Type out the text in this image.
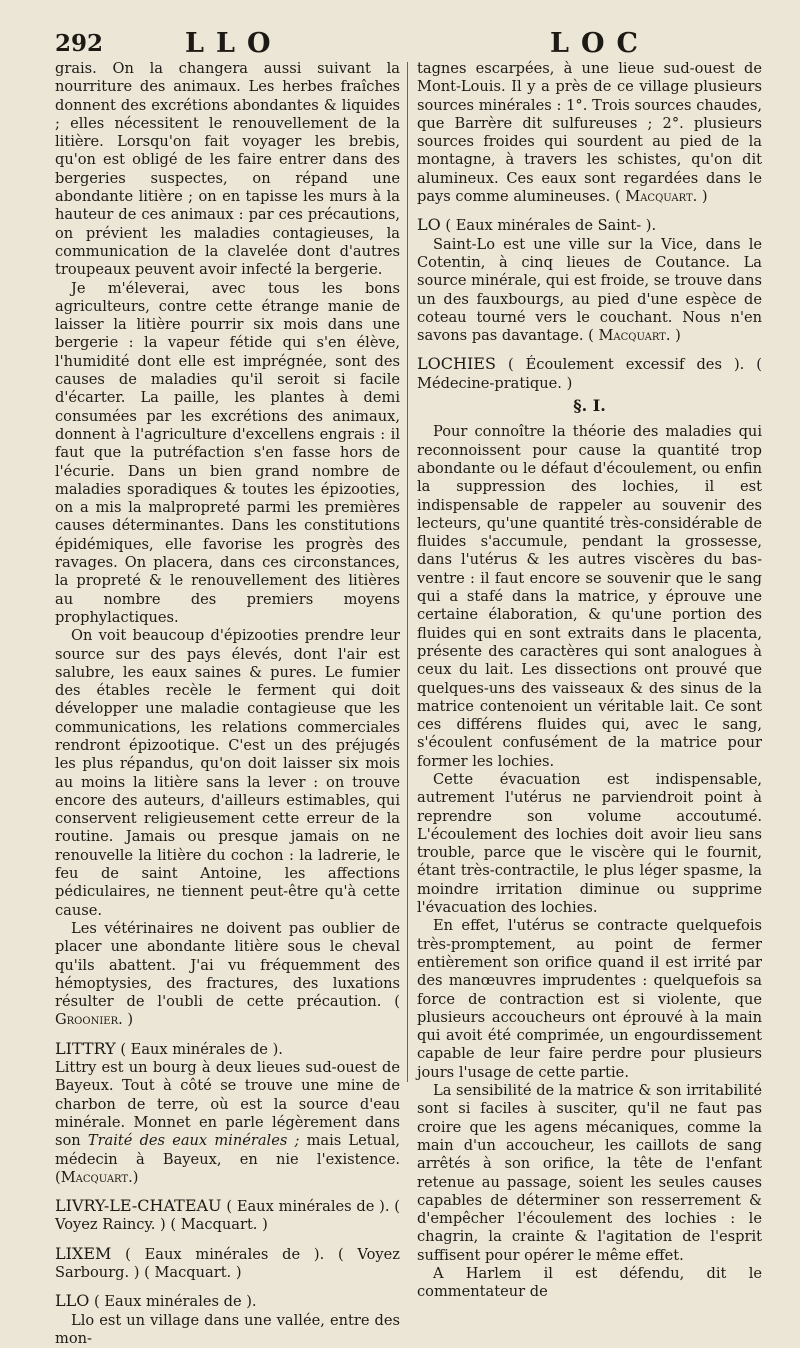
292	LLO	LOC

grais. On la changera aussi suivant la nourriture des animaux. Les herbes fraîches donnent des excrétions abondantes & liquides ; elles nécessitent le renouvellement de la litière. Lorsqu'on fait voyager les brebis, qu'on est obligé de les faire entrer dans des bergeries suspectes, on répand une abondante litière ; on en tapisse les murs à la hauteur de ces animaux : par ces précautions, on prévient les maladies contagieuses, la communication de la clavelée dont d'autres troupeaux peuvent avoir infecté la bergerie.

Je m'éleverai, avec tous les bons agriculteurs, contre cette étrange manie de laisser la litière pourrir six mois dans une bergerie : la vapeur fétide qui s'en élève, l'humidité dont elle est imprégnée, sont des causes de maladies qu'il seroit si facile d'écarter. La paille, les plantes à demi consumées par les excrétions des animaux, donnent à l'agriculture d'excellens engrais : il faut que la putréfaction s'en fasse hors de l'écurie. Dans un bien grand nombre de maladies sporadiques & toutes les épizooties, on a mis la malpropreté parmi les premières causes déterminantes. Dans les constitutions épidémiques, elle favorise les progrès des ravages. On placera, dans ces circonstances, la propreté & le renouvellement des litières au nombre des premiers moyens prophylactiques.

On voit beaucoup d'épizooties prendre leur source sur des pays élevés, dont l'air est salubre, les eaux saines & pures. Le fumier des étables recèle le ferment qui doit développer une maladie contagieuse que les communications, les relations commerciales rendront épizootique. C'est un des préjugés les plus répandus, qu'on doit laisser six mois au moins la litière sans la lever : on trouve encore des auteurs, d'ailleurs estimables, qui conservent religieusement cette erreur de la routine. Jamais ou presque jamais on ne renouvelle la litière du cochon : la ladrerie, le feu de saint Antoine, les affections pédiculaires, ne tiennent peut-être qu'à cette cause.

Les vétérinaires ne doivent pas oublier de placer une abondante litière sous le cheval qu'ils abattent. J'ai vu fréquemment des hémoptysies, des fractures, des luxations résulter de l'oubli de cette précaution. ( Groonier. )

LITTRY ( Eaux minérales de ).

Littry est un bourg à deux lieues sud-ouest de Bayeux. Tout à côté se trouve une mine de charbon de terre, où est la source d'eau minérale. Monnet en parle légèrement dans son Traité des eaux minérales ; mais Letual, médecin à Bayeux, en nie l'existence. (Macquart.)

LIVRY-LE-CHATEAU ( Eaux minérales de ). ( Voyez Raincy. ) ( Macquart. )

LIXEM ( Eaux minérales de ). ( Voyez Sarbourg. ) ( Macquart. )

LLO ( Eaux minérales de ).

Llo est un village dans une vallée, entre des mon-

tagnes escarpées, à une lieue sud-ouest de Mont-Louis. Il y a près de ce village plusieurs sources minérales : 1°. Trois sources chaudes, que Barrère dit sulfureuses ; 2°. plusieurs sources froides qui sourdent au pied de la montagne, à travers les schistes, qu'on dit alumineux. Ces eaux sont regardées dans le pays comme alumineuses. ( Macquart. )

LO ( Eaux minérales de Saint- ).

Saint-Lo est une ville sur la Vice, dans le Cotentin, à cinq lieues de Coutance. La source minérale, qui est froide, se trouve dans un des fauxbourgs, au pied d'une espèce de coteau tourné vers le couchant. Nous n'en savons pas davantage. ( Macquart. )

LOCHIES ( Écoulement excessif des ). ( Médecine-pratique. )

§. I.

Pour connoître la théorie des maladies qui reconnoissent pour cause la quantité trop abondante ou le défaut d'écoulement, ou enfin la suppression des lochies, il est indispensable de rappeler au souvenir des lecteurs, qu'une quantité très-considérable de fluides s'accumule, pendant la grossesse, dans l'utérus & les autres viscères du bas-ventre : il faut encore se souvenir que le sang qui a stafé dans la matrice, y éprouve une certaine élaboration, & qu'une portion des fluides qui en sont extraits dans le placenta, présente des caractères qui sont analogues à ceux du lait. Les dissections ont prouvé que quelques-uns des vaisseaux & des sinus de la matrice contenoient un véritable lait. Ce sont ces différens fluides qui, avec le sang, s'écoulent confusément de la matrice pour former les lochies.

Cette évacuation est indispensable, autrement l'utérus ne parviendroit point à reprendre son volume accoutumé. L'écoulement des lochies doit avoir lieu sans trouble, parce que le viscère qui le fournit, étant très-contractile, le plus léger spasme, la moindre irritation diminue ou supprime l'évacuation des lochies.

En effet, l'utérus se contracte quelquefois très-promptement, au point de fermer entièrement son orifice quand il est irrité par des manœuvres imprudentes : quelquefois sa force de contraction est si violente, que plusieurs accoucheurs ont éprouvé à la main qui avoit été comprimée, un engourdissement capable de leur faire perdre pour plusieurs jours l'usage de cette partie.

La sensibilité de la matrice & son irritabilité sont si faciles à susciter, qu'il ne faut pas croire que les agens mécaniques, comme la main d'un accoucheur, les caillots de sang arrêtés à son orifice, la tête de l'enfant retenue au passage, soient les seules causes capables de déterminer son resserrement & d'empêcher l'écoulement des lochies : le chagrin, la crainte & l'agitation de l'esprit suffisent pour opérer le même effet.

A Harlem il est défendu, dit le commentateur de
